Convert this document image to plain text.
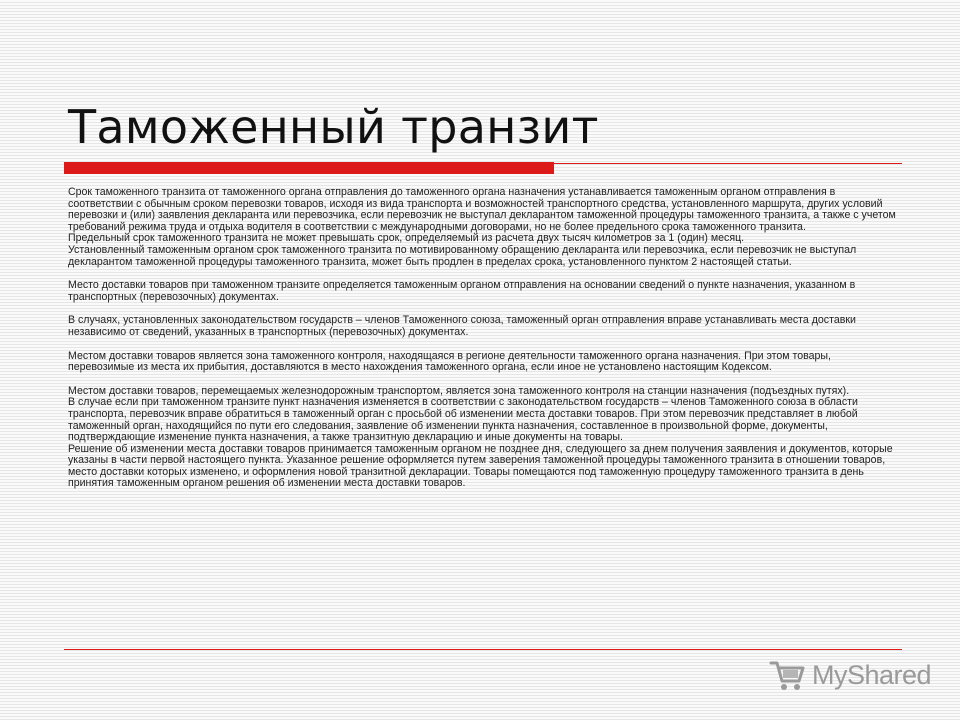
Таможенный транзит

Срок таможенного транзита от таможенного органа отправления до таможенного органа назначения устанавливается таможенным органом отправления в соответствии с обычным сроком перевозки товаров, исходя из вида транспорта и возможностей транспортного средства, установленного маршрута, других условий перевозки и (или) заявления декларанта или перевозчика, если перевозчик не выступал декларантом таможенной процедуры таможенного транзита, а также с учетом требований режима труда и отдыха водителя в соответствии с международными договорами, но не более предельного срока таможенного транзита.

Предельный срок таможенного транзита не может превышать срок, определяемый из расчета двух тысяч километров за 1 (один) месяц.

Установленный таможенным органом срок таможенного транзита по мотивированному обращению декларанта или перевозчика, если перевозчик не выступал декларантом таможенной процедуры таможенного транзита, может быть продлен в пределах срока, установленного пунктом 2 настоящей статьи.

Место доставки товаров при таможенном транзите определяется таможенным органом отправления на основании сведений о пункте назначения, указанном в транспортных (перевозочных) документах.

В случаях, установленных законодательством государств – членов Таможенного союза, таможенный орган отправления вправе устанавливать места доставки независимо от сведений, указанных в транспортных (перевозочных) документах.

Местом доставки товаров является зона таможенного контроля, находящаяся в регионе деятельности таможенного органа назначения. При этом товары, перевозимые из места их прибытия, доставляются в место нахождения таможенного органа, если иное не установлено настоящим Кодексом.

Местом доставки товаров, перемещаемых железнодорожным транспортом, является зона таможенного контроля на станции назначения (подъездных путях).

В случае если при таможенном транзите пункт назначения изменяется в соответствии с законодательством государств – членов Таможенного союза в области транспорта, перевозчик вправе обратиться в таможенный орган с просьбой об изменении места доставки товаров. При этом перевозчик представляет в любой таможенный орган, находящийся по пути его следования, заявление об изменении пункта назначения, составленное в произвольной форме, документы, подтверждающие изменение пункта назначения, а также транзитную декларацию и иные документы на товары.

Решение об изменении места доставки товаров принимается таможенным органом не позднее дня, следующего за днем получения заявления и документов, которые указаны в части первой настоящего пункта. Указанное решение оформляется путем заверения таможенной процедуры таможенного транзита в отношении товаров, место доставки которых изменено, и оформления новой транзитной декларации. Товары помещаются под таможенную процедуру таможенного транзита в день принятия таможенным органом решения об изменении места доставки товаров.

MyShared
